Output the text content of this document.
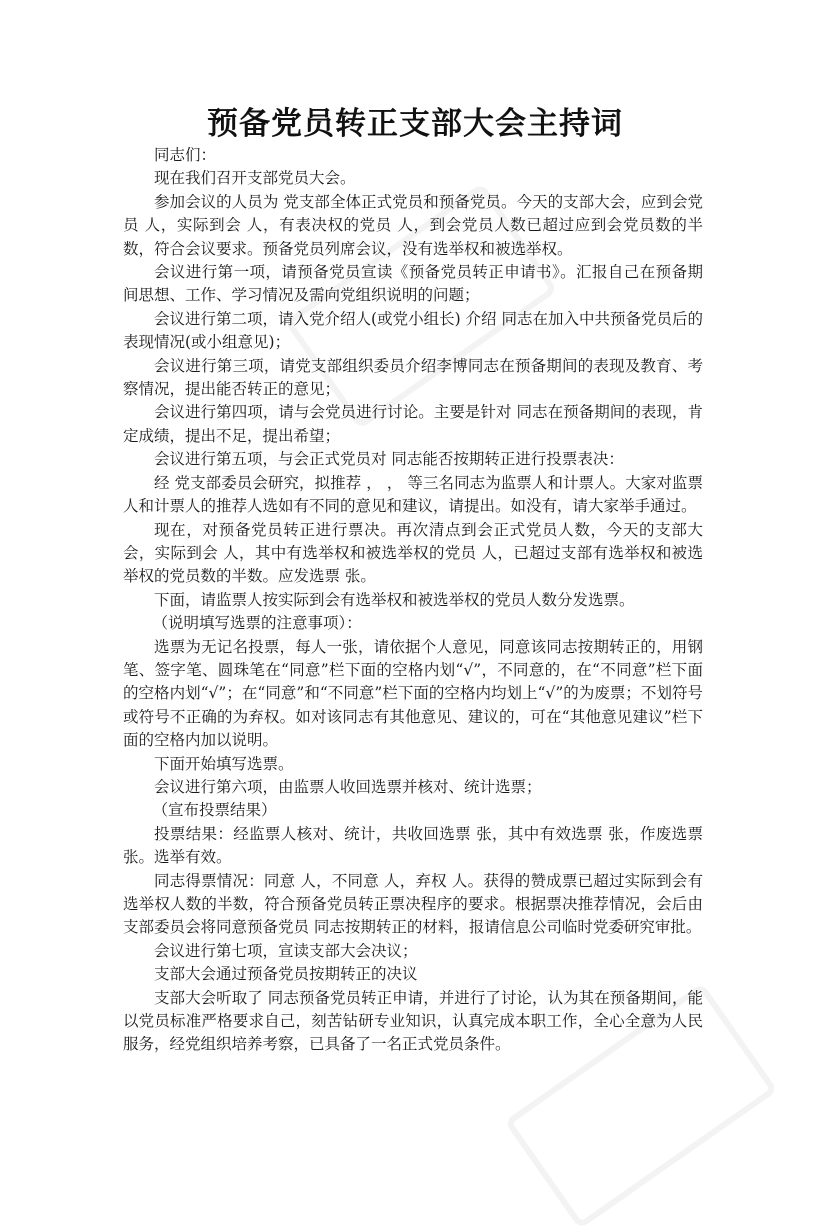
预备党员转正支部大会主持词

同志们：

现在我们召开支部党员大会。

参加会议的人员为 党支部全体正式党员和预备党员。今天的支部大会，应到会党员 人，实际到会 人，有表决权的党员 人，到会党员人数已超过应到会党员数的半数，符合会议要求。预备党员列席会议，没有选举权和被选举权。

会议进行第一项，请预备党员宣读《预备党员转正申请书》。汇报自己在预备期间思想、工作、学习情况及需向党组织说明的问题；

会议进行第二项，请入党介绍人(或党小组长) 介绍 同志在加入中共预备党员后的表现情况(或小组意见)；

会议进行第三项，请党支部组织委员介绍李博同志在预备期间的表现及教育、考察情况，提出能否转正的意见；

会议进行第四项，请与会党员进行讨论。主要是针对 同志在预备期间的表现，肯定成绩，提出不足，提出希望；

会议进行第五项，与会正式党员对 同志能否按期转正进行投票表决：

经 党支部委员会研究，拟推荐 ， ， 等三名同志为监票人和计票人。大家对监票人和计票人的推荐人选如有不同的意见和建议，请提出。如没有，请大家举手通过。

现在，对预备党员转正进行票决。再次清点到会正式党员人数，今天的支部大会，实际到会 人，其中有选举权和被选举权的党员 人，已超过支部有选举权和被选举权的党员数的半数。应发选票 张。

下面，请监票人按实际到会有选举权和被选举权的党员人数分发选票。

（说明填写选票的注意事项）：

选票为无记名投票，每人一张，请依据个人意见，同意该同志按期转正的，用钢笔、签字笔、圆珠笔在“同意”栏下面的空格内划“√”，不同意的，在“不同意”栏下面的空格内划“√”；在“同意”和“不同意”栏下面的空格内均划上“√”的为废票；不划符号或符号不正确的为弃权。如对该同志有其他意见、建议的，可在“其他意见建议”栏下面的空格内加以说明。

下面开始填写选票。

会议进行第六项，由监票人收回选票并核对、统计选票；

（宣布投票结果）

投票结果：经监票人核对、统计，共收回选票 张，其中有效选票 张，作废选票 张。选举有效。

同志得票情况：同意 人，不同意 人，弃权 人。获得的赞成票已超过实际到会有选举权人数的半数，符合预备党员转正票决程序的要求。根据票决推荐情况，会后由支部委员会将同意预备党员 同志按期转正的材料，报请信息公司临时党委研究审批。

会议进行第七项，宣读支部大会决议；

支部大会通过预备党员按期转正的决议

支部大会听取了 同志预备党员转正申请，并进行了讨论，认为其在预备期间，能以党员标准严格要求自己，刻苦钻研专业知识，认真完成本职工作，全心全意为人民服务，经党组织培养考察，已具备了一名正式党员条件。
